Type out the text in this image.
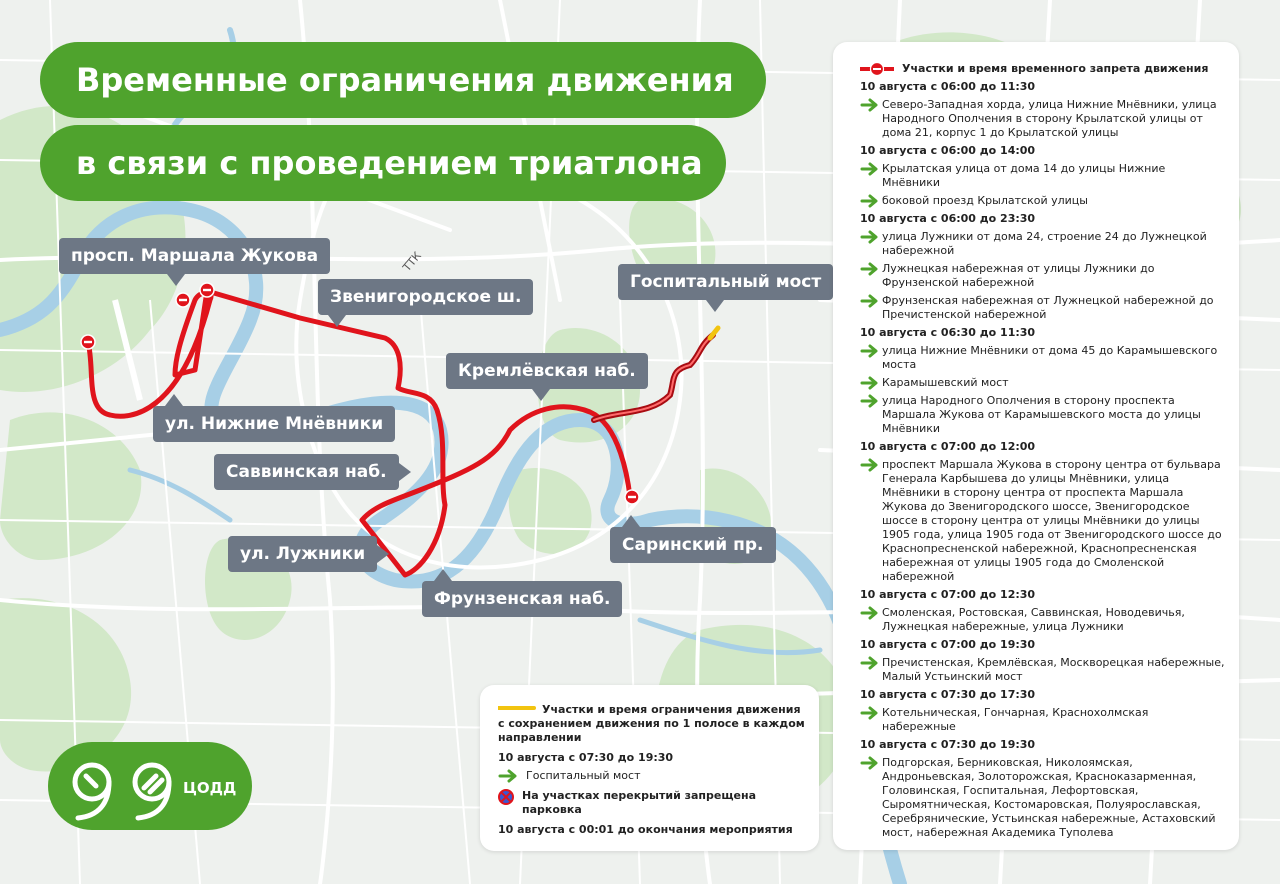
ТТК
Временные ограничения движения
в связи с проведением триатлона
просп. Маршала Жукова
Звенигородское ш.
Госпитальный мост
Кремлёвская наб.
ул. Нижние Мнёвники
Саввинская наб.
ул. Лужники
Фрунзенская наб.
Саринский пр.
Участки и время временного запрета движения
10 августа с 06:00 до 11:30
Северо-Западная хорда, улица Нижние Мнёвники, улица Народного Ополчения в сторону Крылатской улицы от дома 21, корпус 1 до Крылатской улицы
10 августа с 06:00 до 14:00
Крылатская улица от дома 14 до улицы Нижние Мнёвники
боковой проезд Крылатской улицы
10 августа с 06:00 до 23:30
улица Лужники от дома 24, строение 24 до Лужнецкой набережной
Лужнецкая набережная от улицы Лужники до Фрунзенской набережной
Фрунзенская набережная от Лужнецкой набережной до Пречистенской набережной
10 августа с 06:30 до 11:30
улица Нижние Мнёвники от дома 45 до Карамышевского моста
Карамышевский мост
улица Народного Ополчения в сторону проспекта Маршала Жукова от Карамышевского моста до улицы Мнёвники
10 августа с 07:00 до 12:00
проспект Маршала Жукова в сторону центра от бульвара Генерала Карбышева до улицы Мнёвники, улица Мнёвники в сторону центра от проспекта Маршала Жукова до Звенигородского шоссе, Звенигородское шоссе в сторону центра от улицы Мнёвники до улицы 1905 года, улица 1905 года от Звенигородского шоссе до Краснопресненской набережной, Краснопресненская набережная от улицы 1905 года до Смоленской набережной
10 августа с 07:00 до 12:30
Смоленская, Ростовская, Саввинская, Новодевичья, Лужнецкая набережные, улица Лужники
10 августа с 07:00 до 19:30
Пречистенская, Кремлёвская, Москворецкая набережные, Малый Устьинский мост
10 августа с 07:30 до 17:30
Котельническая, Гончарная, Краснохолмская набережные
10 августа с 07:30 до 19:30
Подгорская, Берниковская, Николоямская, Андроньевская, Золоторожская, Красноказарменная, Головинская, Госпитальная, Лефортовская, Сыромятническая, Костомаровская, Полуярославская, Серебрянические, Устьинская набережные, Астаховский мост, набережная Академика Туполева
Участки и время ограничения движения с сохранением движения по 1 полосе в каждом направлении
10 августа с 07:30 до 19:30
Госпитальный мост
На участках перекрытий запрещена парковка
10 августа с 00:01 до окончания мероприятия
ЦОДД
